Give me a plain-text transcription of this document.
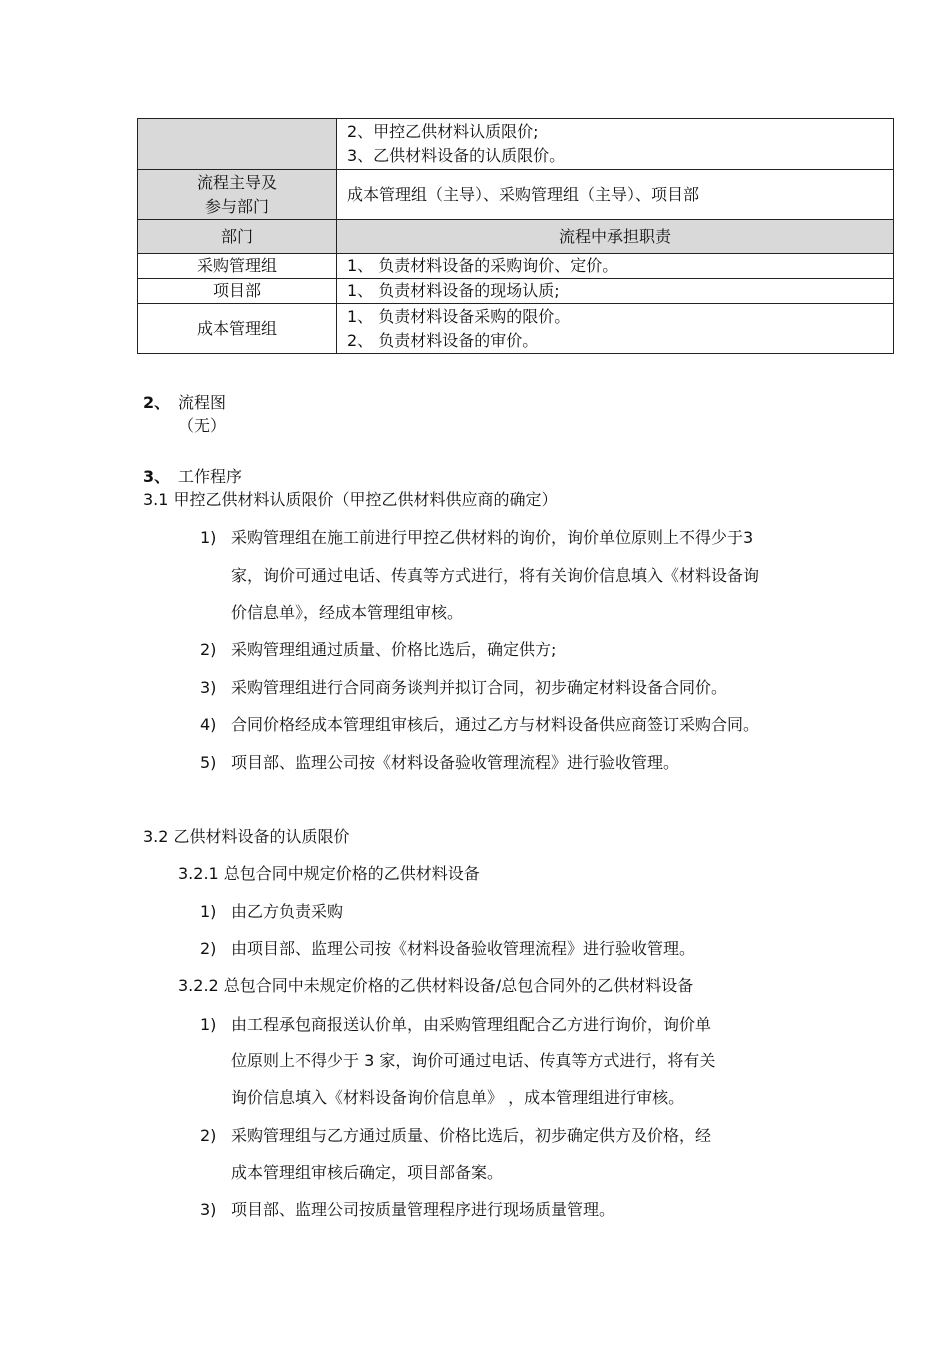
	2、甲控乙供材料认质限价;
3、乙供材料设备的认质限价。

流程主导及
参与部门	成本管理组（主导）、采购管理组（主导）、项目部
部门	流程中承担职责
采购管理组	1、 负责材料设备的采购询价、定价。

项目部	1、 负责材料设备的现场认质;

成本管理组	1、 负责材料设备采购的限价。
2、 负责材料设备的审价。
2、 流程图
（无）
3、 工作程序
3.1 甲控乙供材料认质限价（甲控乙供材料供应商的确定）
1) 采购管理组在施工前进行甲控乙供材料的询价，询价单位原则上不得少于3
家，询价可通过电话、传真等方式进行，将有关询价信息填入《材料设备询
价信息单》，经成本管理组审核。
2) 采购管理组通过质量、价格比选后，确定供方;
3) 采购管理组进行合同商务谈判并拟订合同，初步确定材料设备合同价。
4) 合同价格经成本管理组审核后，通过乙方与材料设备供应商签订采购合同。
5) 项目部、监理公司按《材料设备验收管理流程》进行验收管理。
3.2 乙供材料设备的认质限价
3.2.1 总包合同中规定价格的乙供材料设备
1) 由乙方负责采购
2) 由项目部、监理公司按《材料设备验收管理流程》进行验收管理。
3.2.2 总包合同中未规定价格的乙供材料设备/总包合同外的乙供材料设备
1) 由工程承包商报送认价单，由采购管理组配合乙方进行询价，询价单
位原则上不得少于 3 家，询价可通过电话、传真等方式进行，将有关
询价信息填入《材料设备询价信息单》 ，成本管理组进行审核。
2) 采购管理组与乙方通过质量、价格比选后，初步确定供方及价格，经
成本管理组审核后确定，项目部备案。
3) 项目部、监理公司按质量管理程序进行现场质量管理。
